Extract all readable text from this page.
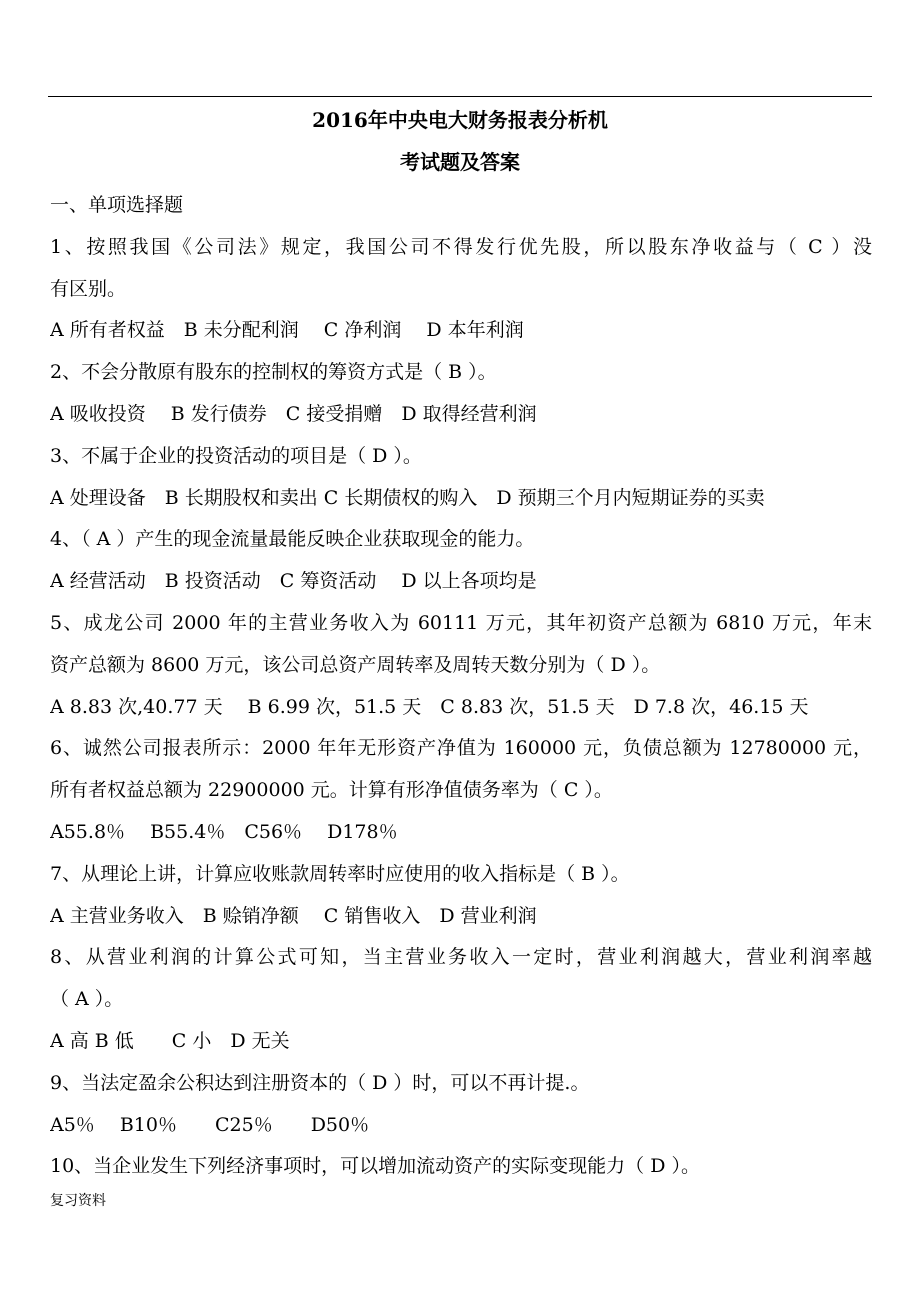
2016年中央电大财务报表分析机
考试题及答案
一、单项选择题
1、按照我国《公司法》规定，我国公司不得发行优先股，所以股东净收益与（ C ）没
有区别。
A 所有者权益　B 未分配利润　 C 净利润　 D 本年利润
2、不会分散原有股东的控制权的筹资方式是（ B ）。
A 吸收投资　 B 发行债券　C 接受捐赠　D 取得经营利润
3、不属于企业的投资活动的项目是（ D ）。
A 处理设备　B 长期股权和卖出 C 长期债权的购入　D 预期三个月内短期证券的买卖
4、（ A ）产生的现金流量最能反映企业获取现金的能力。
A 经营活动　B 投资活动　C 筹资活动　 D 以上各项均是
5、成龙公司 2000 年的主营业务收入为 60111 万元，其年初资产总额为 6810 万元，年末
资产总额为 8600 万元，该公司总资产周转率及周转天数分别为（ D ）。
A 8.83 次,40.77 天　 B 6.99 次，51.5 天　C 8.83 次，51.5 天　D 7.8 次，46.15 天
6、诚然公司报表所示：2000 年年无形资产净值为 160000 元，负债总额为 12780000 元，
所有者权益总额为 22900000 元。计算有形净值债务率为（ C ）。
A55.8％　 B55.4％　C56％　 D178％
7、从理论上讲，计算应收账款周转率时应使用的收入指标是（ B ）。
A 主营业务收入　B 赊销净额　 C 销售收入　D 营业利润
8、从营业利润的计算公式可知，当主营业务收入一定时，营业利润越大，营业利润率越
（ A ）。
A 高 B 低　　C 小　D 无关
9、当法定盈余公积达到注册资本的（ D ）时，可以不再计提.。
A5％　 B10％　　C25％　　D50％
10、当企业发生下列经济事项时，可以增加流动资产的实际变现能力（ D ）。
复习资料
